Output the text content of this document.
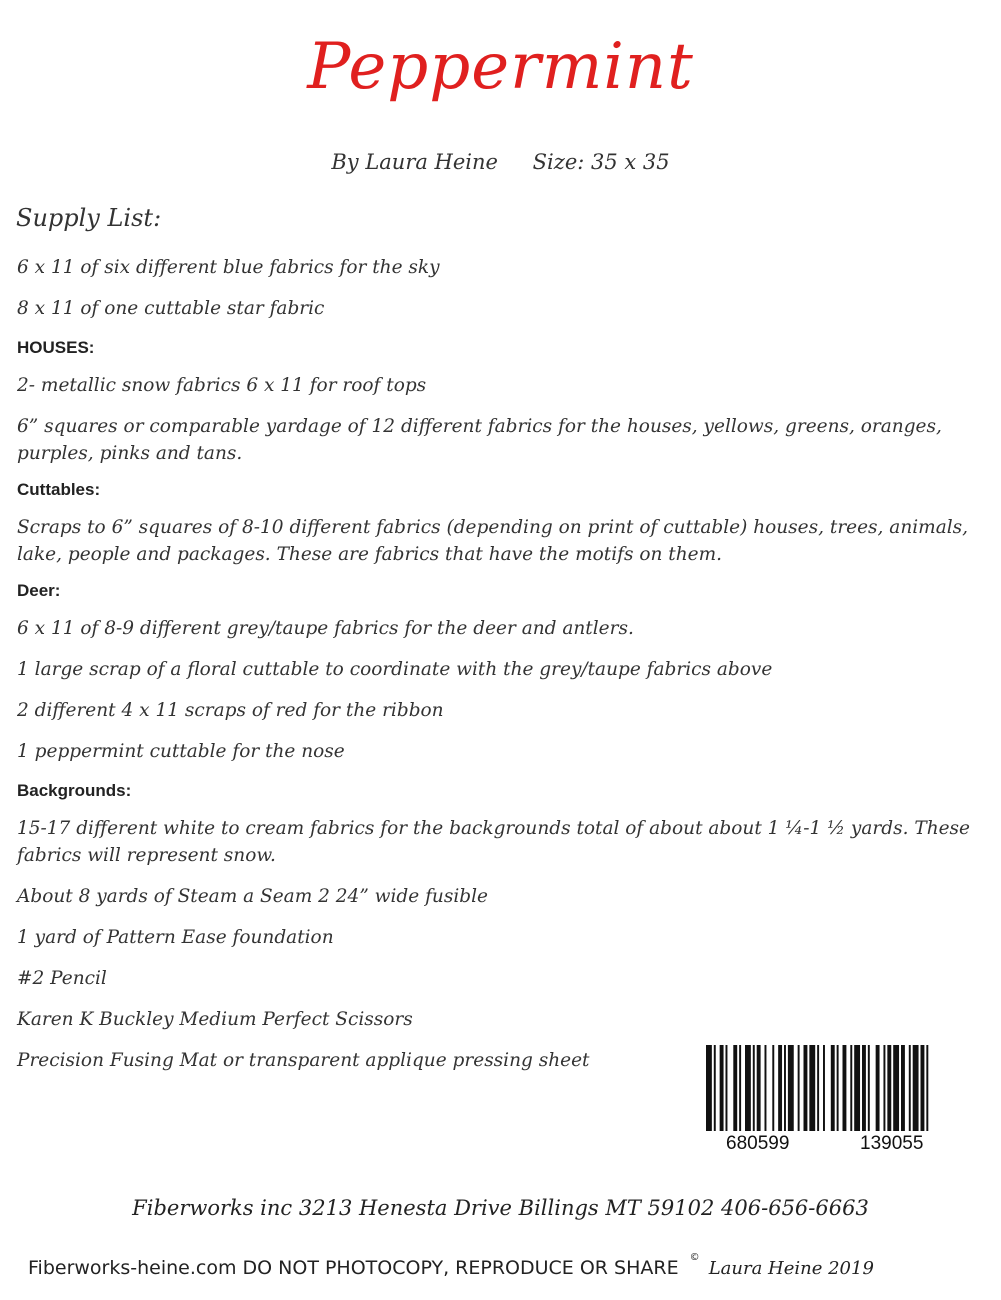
Peppermint
By Laura Heine Size: 35 x 35
Supply List:

6 x 11 of six different blue fabrics for the sky

8 x 11 of one cuttable star fabric

HOUSES:

2- metallic snow fabrics 6 x 11 for roof tops

6” squares or comparable yardage of 12 different fabrics for the houses, yellows, greens, oranges, purples, pinks and tans.

Cuttables:

Scraps to 6” squares of 8-10 different fabrics (depending on print of cuttable) houses, trees, animals, lake, people and packages. These are fabrics that have the motifs on them.

Deer:

6 x 11 of 8-9 different grey/taupe fabrics for the deer and antlers.

1 large scrap of a floral cuttable to coordinate with the grey/taupe fabrics above

2 different 4 x 11 scraps of red for the ribbon

1 peppermint cuttable for the nose

Backgrounds:

15-17 different white to cream fabrics for the backgrounds total of about about 1 ¼-1 ½ yards. These fabrics will represent snow.

About 8 yards of Steam a Seam 2 24” wide fusible

1 yard of Pattern Ease foundation

#2 Pencil

Karen K Buckley Medium Perfect Scissors

Precision Fusing Mat or transparent applique pressing sheet

680599	139055
Fiberworks inc 3213 Henesta Drive Billings MT 59102 406-656-6663
Fiberworks-heine.com DO NOT PHOTOCOPY, REPRODUCE OR SHARE © Laura Heine 2019
